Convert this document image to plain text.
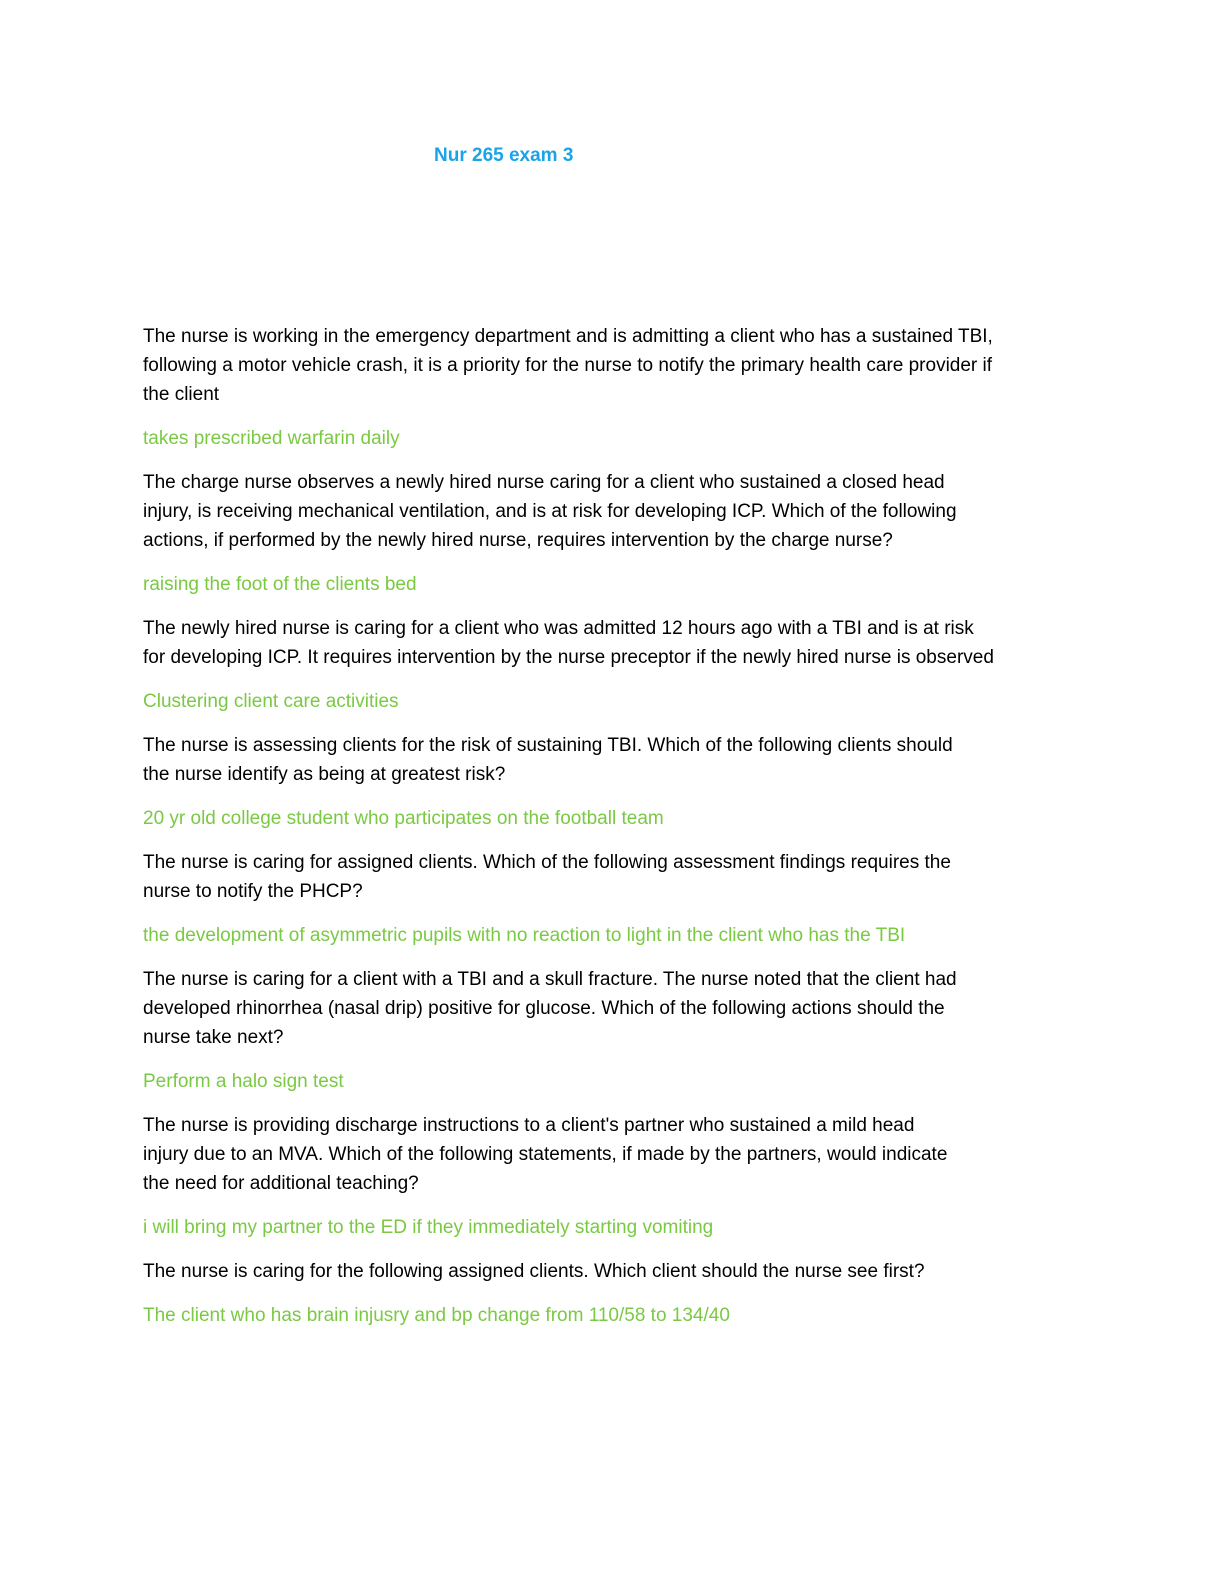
Nur 265 exam 3
The nurse is working in the emergency department and is admitting a client who has a sustained TBI,
following a motor vehicle crash, it is a priority for the nurse to notify the primary health care provider if
the client
takes prescribed warfarin daily
The charge nurse observes a newly hired nurse caring for a client who sustained a closed head
injury, is receiving mechanical ventilation, and is at risk for developing ICP. Which of the following
actions, if performed by the newly hired nurse, requires intervention by the charge nurse?
raising the foot of the clients bed
The newly hired nurse is caring for a client who was admitted 12 hours ago with a TBI and is at risk
for developing ICP. It requires intervention by the nurse preceptor if the newly hired nurse is observed
Clustering client care activities
The nurse is assessing clients for the risk of sustaining TBI. Which of the following clients should
the nurse identify as being at greatest risk?
20 yr old college student who participates on the football team
The nurse is caring for assigned clients. Which of the following assessment findings requires the
nurse to notify the PHCP?
the development of asymmetric pupils with no reaction to light in the client who has the TBI
The nurse is caring for a client with a TBI and a skull fracture. The nurse noted that the client had
developed rhinorrhea (nasal drip) positive for glucose. Which of the following actions should the
nurse take next?
Perform a halo sign test
The nurse is providing discharge instructions to a client's partner who sustained a mild head
injury due to an MVA. Which of the following statements, if made by the partners, would indicate
the need for additional teaching?
i will bring my partner to the ED if they immediately starting vomiting
The nurse is caring for the following assigned clients. Which client should the nurse see first?
The client who has brain injusry and bp change from 110/58 to 134/40
